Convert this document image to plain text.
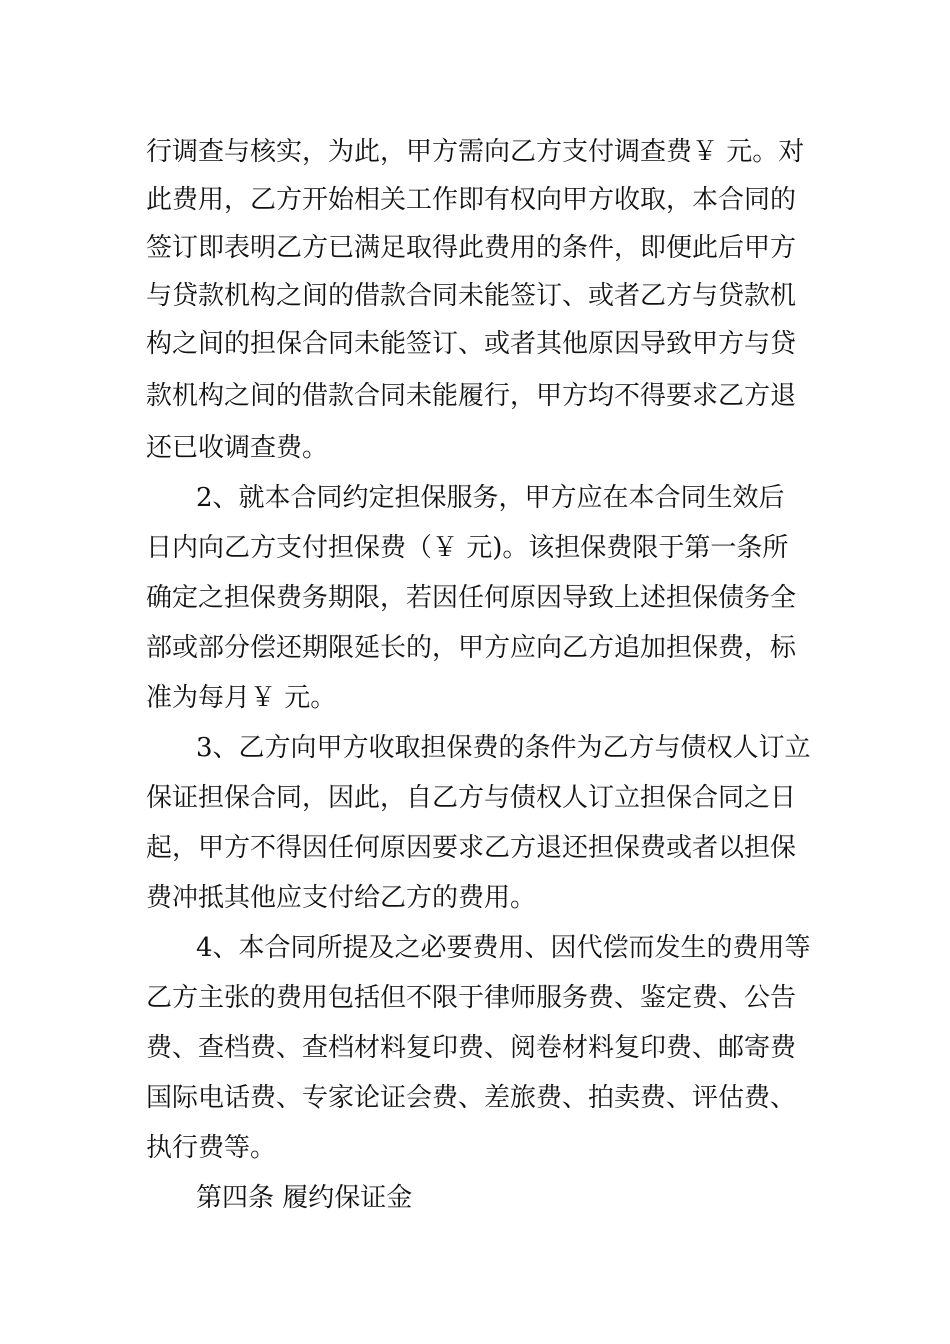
行调查与核实，为此，甲方需向乙方支付调查费￥ 元。对
此费用，乙方开始相关工作即有权向甲方收取，本合同的
签订即表明乙方已满足取得此费用的条件，即便此后甲方
与贷款机构之间的借款合同未能签订、或者乙方与贷款机
构之间的担保合同未能签订、或者其他原因导致甲方与贷
款机构之间的借款合同未能履行，甲方均不得要求乙方退
还已收调查费。
2、就本合同约定担保服务，甲方应在本合同生效后
日内向乙方支付担保费（￥ 元)。该担保费限于第一条所
确定之担保费务期限，若因任何原因导致上述担保债务全
部或部分偿还期限延长的，甲方应向乙方追加担保费，标
准为每月￥ 元。
3、乙方向甲方收取担保费的条件为乙方与债权人订立
保证担保合同，因此，自乙方与债权人订立担保合同之日
起，甲方不得因任何原因要求乙方退还担保费或者以担保
费冲抵其他应支付给乙方的费用。
4、本合同所提及之必要费用、因代偿而发生的费用等
乙方主张的费用包括但不限于律师服务费、鉴定费、公告
费、查档费、查档材料复印费、阅卷材料复印费、邮寄费
国际电话费、专家论证会费、差旅费、拍卖费、评估费、
执行费等。
第四条 履约保证金
